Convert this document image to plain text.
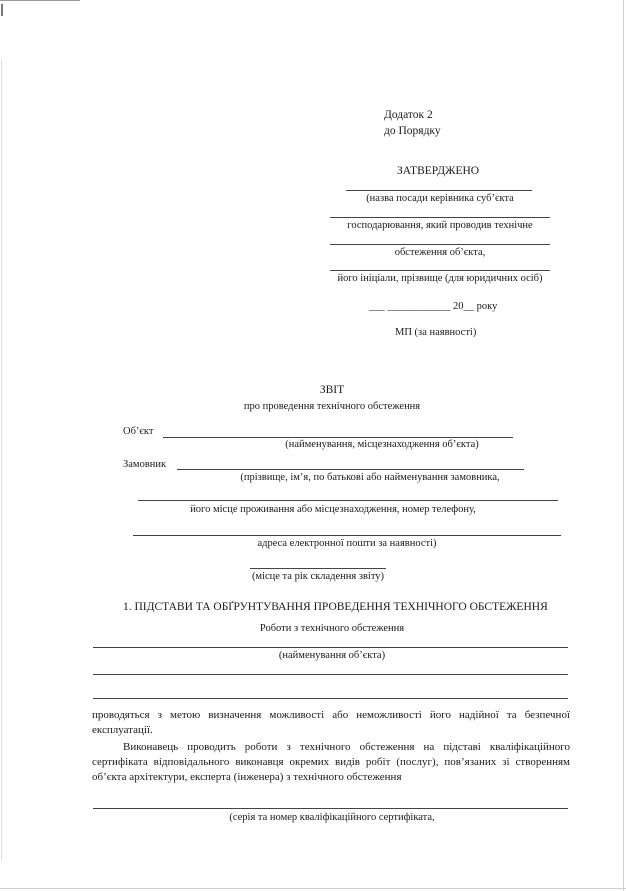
Додаток 2
до Порядку
ЗАТВЕРДЖЕНО
(назва посади керівника суб’єкта
господарювання, який проводив технічне
обстеження об’єкта,
його ініціали, прізвище (для юридичних осіб)
___ ____________ 20__ року
МП (за наявності)
ЗВІТ
про проведення технічного обстеження
Об’єкт
(найменування, місцезнаходження об’єкта)
Замовник
(прізвище, ім’я, по батькові або найменування замовника,
його місце проживання або місцезнаходження, номер телефону,
адреса електронної пошти за наявності)
(місце та рік складення звіту)
1. ПІДСТАВИ ТА ОБҐРУНТУВАННЯ ПРОВЕДЕННЯ ТЕХНІЧНОГО ОБСТЕЖЕННЯ
Роботи з технічного обстеження
(найменування об’єкта)
проводяться з метою визначення можливості або неможливості його надійної та безпечної експлуатації.
Виконавець проводить роботи з технічного обстеження на підставі кваліфікаційного сертифіката відповідального виконавця окремих видів робіт (послуг), пов’язаних зі створенням об’єкта архітектури, експерта (інженера) з технічного обстеження
(серія та номер кваліфікаційного сертифіката,
